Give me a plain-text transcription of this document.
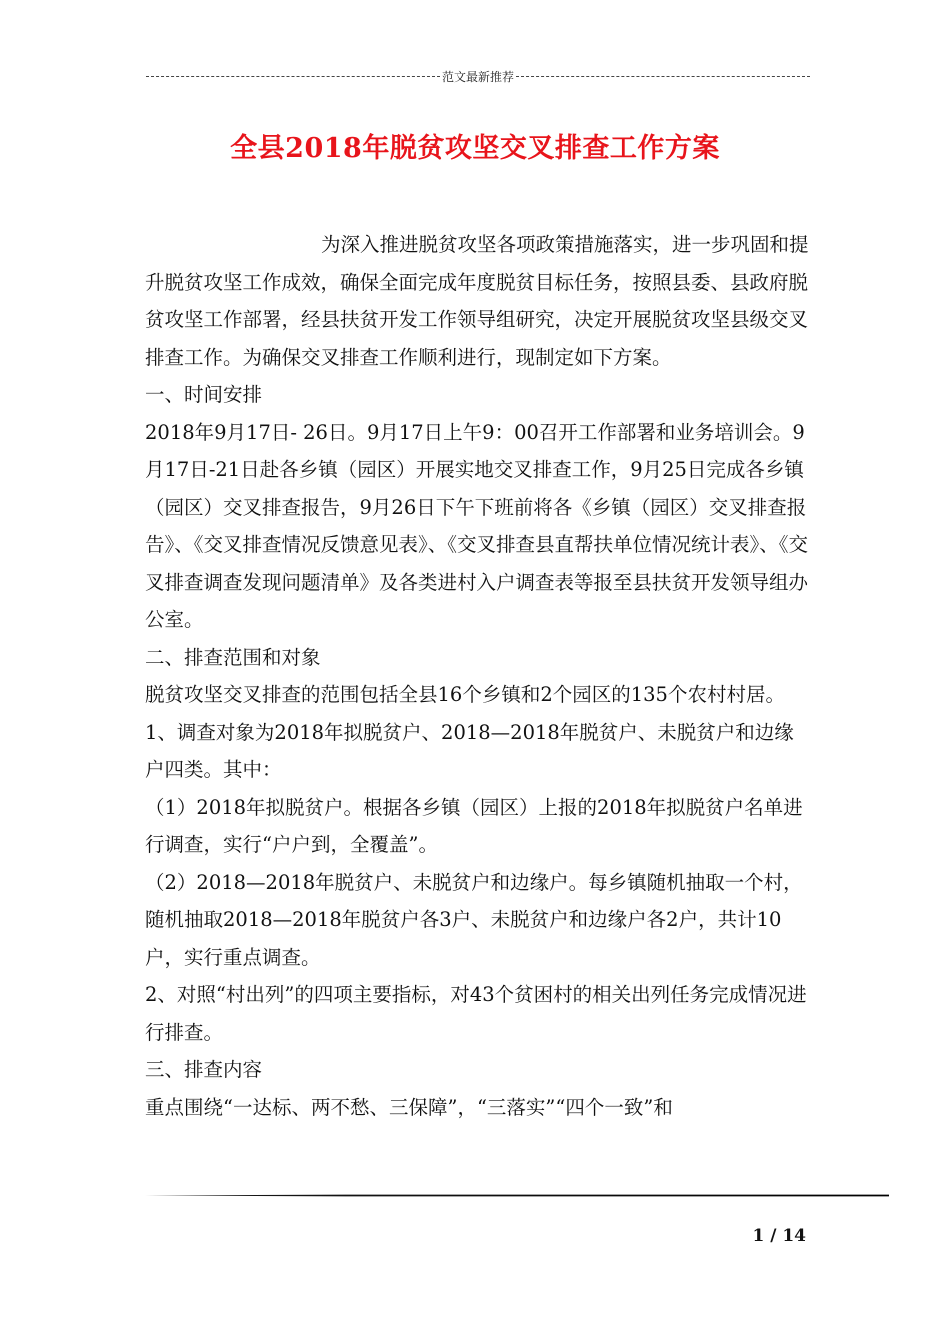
范文最新推荐
全县2018年脱贫攻坚交叉排查工作方案

为深入推进脱贫攻坚各项政策措施落实，进一步巩固和提升脱贫攻坚工作成效，确保全面完成年度脱贫目标任务，按照县委、县政府脱贫攻坚工作部署，经县扶贫开发工作领导组研究，决定开展脱贫攻坚县级交叉排查工作。为确保交叉排查工作顺利进行，现制定如下方案。

一、时间安排

2018年9月17日- 26日。9月17日上午9：00召开工作部署和业务培训会。9月17日-21日赴各乡镇（园区）开展实地交叉排查工作，9月25日完成各乡镇（园区）交叉排查报告，9月26日下午下班前将各《乡镇（园区）交叉排查报告》、《交叉排查情况反馈意见表》、《交叉排查县直帮扶单位情况统计表》、《交叉排查调查发现问题清单》及各类进村入户调查表等报至县扶贫开发领导组办公室。

二、排查范围和对象

脱贫攻坚交叉排查的范围包括全县16个乡镇和2个园区的135个农村村居。

1、调查对象为2018年拟脱贫户、2018—2018年脱贫户、未脱贫户和边缘户四类。其中：

（1）2018年拟脱贫户。根据各乡镇（园区）上报的2018年拟脱贫户名单进行调查，实行“户户到，全覆盖”。

（2）2018—2018年脱贫户、未脱贫户和边缘户。每乡镇随机抽取一个村，随机抽取2018—2018年脱贫户各3户、未脱贫户和边缘户各2户，共计10户，实行重点调查。

2、对照“村出列”的四项主要指标，对43个贫困村的相关出列任务完成情况进行排查。

三、排查内容

重点围绕“一达标、两不愁、三保障”，“三落实”“四个一致”和

1 / 14
